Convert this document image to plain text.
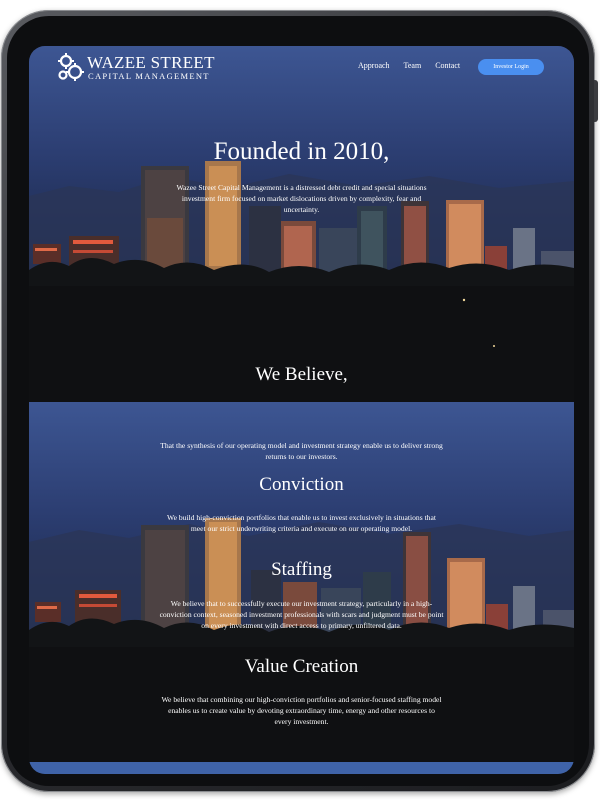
WAZEE STREET
CAPITAL MANAGEMENT
Approach Team Contact	Investor Login
Founded in 2010,

Wazee Street Capital Management is a distressed debt credit and special situations investment firm focused on market dislocations driven by complexity, fear and uncertainty.

We Believe,

That the synthesis of our operating model and investment strategy enable us to deliver strong returns to our investors.

Conviction

We build high-conviction portfolios that enable us to invest exclusively in situations that meet our strict underwriting criteria and execute on our operating model.

Staffing

We believe that to successfully execute our investment strategy, particularly in a high-conviction context, seasoned investment professionals with scars and judgment must be point on every investment with direct access to primary, unfiltered data.

Value Creation

We believe that combining our high-conviction portfolios and senior-focused staffing model enables us to create value by devoting extraordinary time, energy and other resources to every investment.
